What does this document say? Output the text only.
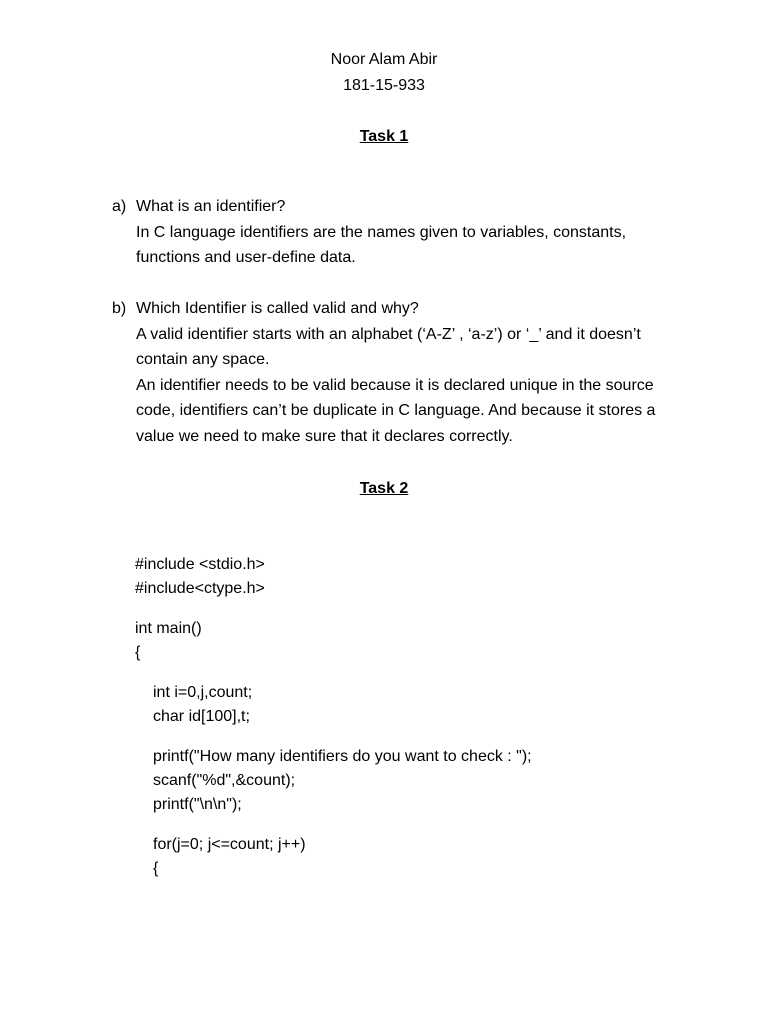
Noor Alam Abir
181-15-933
Task 1
a) What is an identifier?
In C language identifiers are the names given to variables, constants, functions and user-define data.
b) Which Identifier is called valid and why?
A valid identifier starts with an alphabet (‘A-Z’ , ‘a-z’) or ‘_’ and it doesn’t contain any space.
An identifier needs to be valid because it is declared unique in the source code, identifiers can’t be duplicate in C language. And because it stores a value we need to make sure that it declares correctly.
Task 2
#include <stdio.h>
#include<ctype.h>
int main()
{
int i=0,j,count;
char id[100],t;
printf("How many identifiers do you want to check : ");
scanf("%d",&count);
printf("\n\n");
for(j=0; j<=count; j++)
{
